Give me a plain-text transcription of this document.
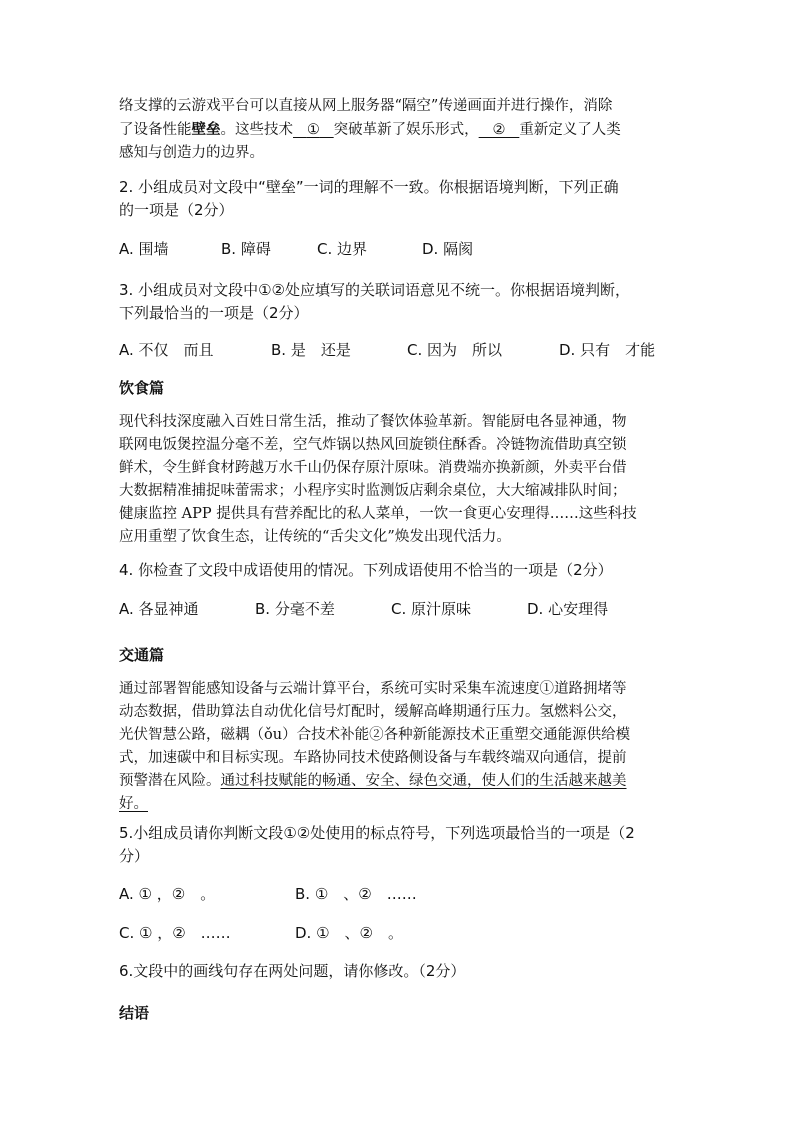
络支撑的云游戏平台可以直接从网上服务器“隔空”传递画面并进行操作，消除
了设备性能壁垒。这些技术 ① 突破革新了娱乐形式， ② 重新定义了人类
感知与创造力的边界。
2. 小组成员对文段中“壁垒”一词的理解不一致。你根据语境判断，下列正确
的一项是（2分）
A. 围墙	B. 障碍	C. 边界	D. 隔阂
3. 小组成员对文段中①②处应填写的关联词语意见不统一。你根据语境判断，
下列最恰当的一项是（2分）
A. 不仅　而且	B. 是　还是	C. 因为　所以	D. 只有　才能
饮食篇
现代科技深度融入百姓日常生活，推动了餐饮体验革新。智能厨电各显神通，物
联网电饭煲控温分毫不差，空气炸锅以热风回旋锁住酥香。冷链物流借助真空锁
鲜术，令生鲜食材跨越万水千山仍保存原汁原味。消费端亦换新颜，外卖平台借
大数据精准捕捉味蕾需求；小程序实时监测饭店剩余桌位，大大缩减排队时间；
健康监控 APP 提供具有营养配比的私人菜单，一饮一食更心安理得……这些科技
应用重塑了饮食生态，让传统的“舌尖文化”焕发出现代活力。
4. 你检查了文段中成语使用的情况。下列成语使用不恰当的一项是（2分）
A. 各显神通	B. 分毫不差	C. 原汁原味	D. 心安理得
交通篇
通过部署智能感知设备与云端计算平台，系统可实时采集车流速度①道路拥堵等
动态数据，借助算法自动优化信号灯配时，缓解高峰期通行压力。氢燃料公交，
光伏智慧公路，磁耦（ǒu）合技术补能②各种新能源技术正重塑交通能源供给模
式，加速碳中和目标实现。车路协同技术使路侧设备与车载终端双向通信，提前
预警潜在风险。通过科技赋能的畅通、安全、绿色交通，使人们的生活越来越美
好。
5.小组成员请你判断文段①②处使用的标点符号，下列选项最恰当的一项是（2
分）
A. ① ，②　。	B. ①　、②　……
C. ① ，②　……	D. ①　、②　。
6.文段中的画线句存在两处问题，请你修改。（2分）
结语
